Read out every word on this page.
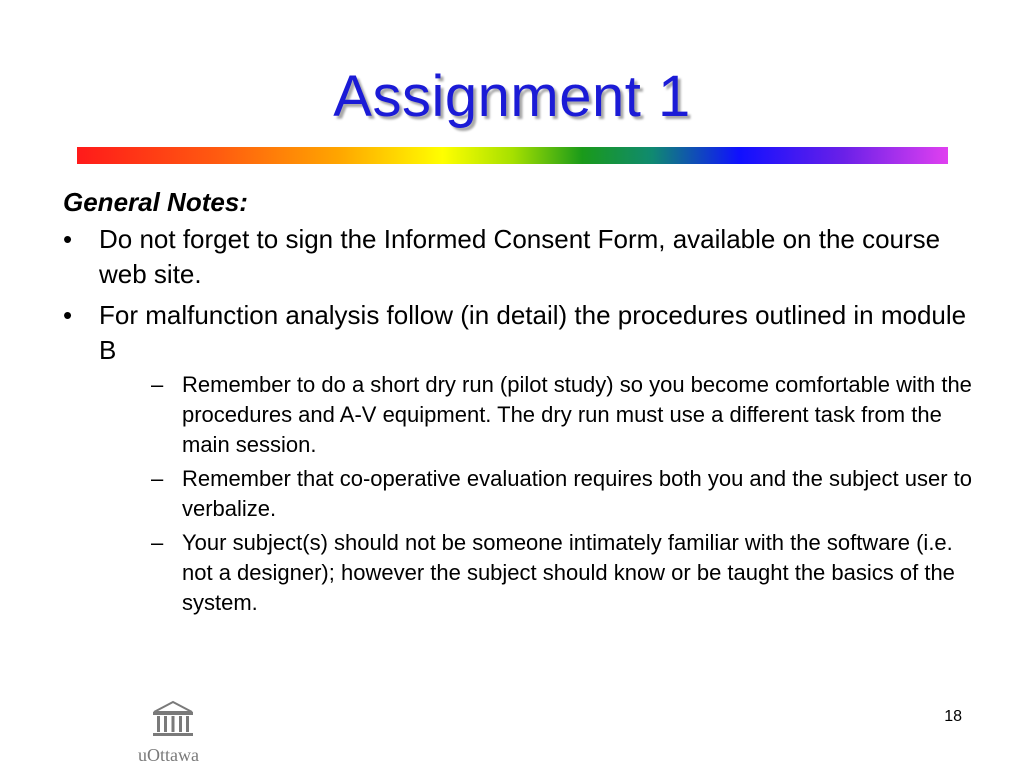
Assignment 1
General Notes:
• Do not forget to sign the Informed Consent Form, available on the course web site.
• For malfunction analysis follow (in detail) the procedures outlined in module B
– Remember to do a short dry run (pilot study) so you become comfortable with the procedures and A-V equipment. The dry run must use a different task from the main session.
– Remember that co-operative evaluation requires both you and the subject user to verbalize.
– Your subject(s) should not be someone intimately familiar with the software (i.e. not a designer); however the subject should know or be taught the basics of the system.
18
uOttawa
